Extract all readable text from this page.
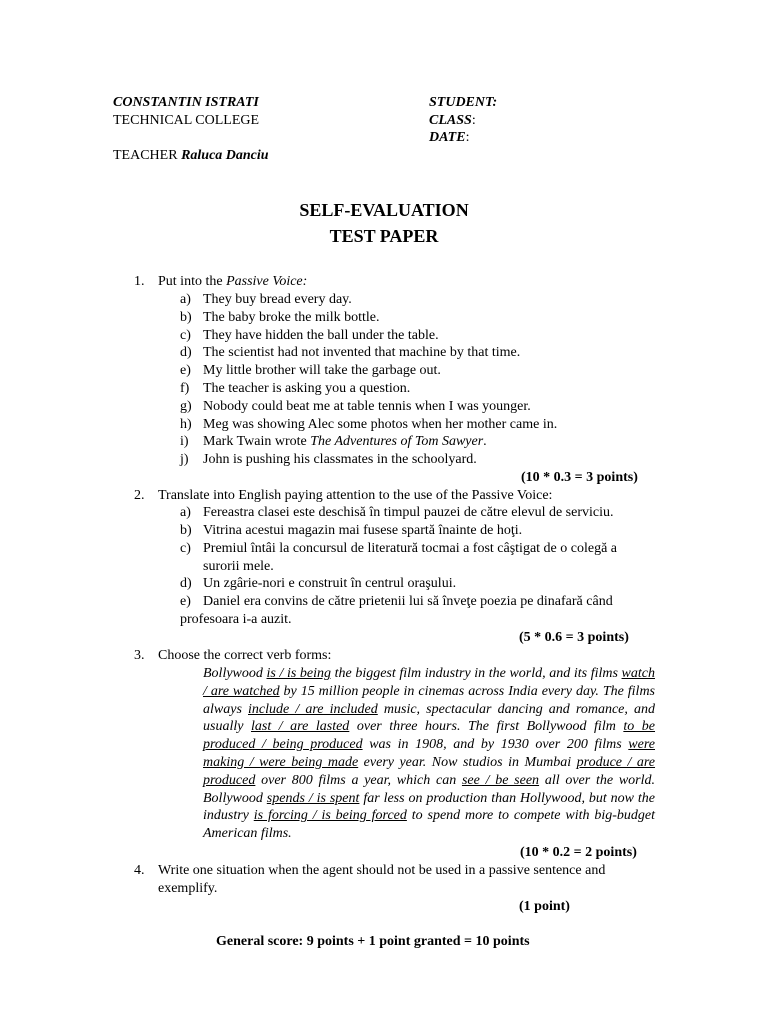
CONSTANTIN ISTRATI
TECHNICAL COLLEGE
TEACHER Raluca Danciu
STUDENT:
CLASS:
DATE:
SELF-EVALUATION
TEST PAPER
1. Put into the Passive Voice:
a) They buy bread every day.
b) The baby broke the milk bottle.
c) They have hidden the ball under the table.
d) The scientist had not invented that machine by that time.
e) My little brother will take the garbage out.
f) The teacher is asking you a question.
g) Nobody could beat me at table tennis when I was younger.
h) Meg was showing Alec some photos when her mother came in.
i) Mark Twain wrote The Adventures of Tom Sawyer.
j) John is pushing his classmates in the schoolyard.
(10 * 0.3 = 3 points)
2. Translate into English paying attention to the use of the Passive Voice:
a) Fereastra clasei este deschisă în timpul pauzei de către elevul de serviciu.
b) Vitrina acestui magazin mai fusese spartă înainte de hoţi.
c) Premiul întâi la concursul de literatură tocmai a fost câştigat de o colegă a
surorii mele.
d) Un zgârie-nori e construit în centrul oraşului.
e) Daniel era convins de către prietenii lui să înveţe poezia pe dinafară când
profesoara i-a auzit.
(5 * 0.6 = 3 points)
3. Choose the correct verb forms:
Bollywood is / is being the biggest film industry in the world, and its films watch / are watched by 15 million people in cinemas across India every day. The films always include / are included music, spectacular dancing and romance, and usually last / are lasted over three hours. The first Bollywood film to be produced / being produced was in 1908, and by 1930 over 200 films were making / were being made every year. Now studios in Mumbai produce / are produced over 800 films a year, which can see / be seen all over the world. Bollywood spends / is spent far less on production than Hollywood, but now the industry is forcing / is being forced to spend more to compete with big-budget American films.
(10 * 0.2 = 2 points)
4. Write one situation when the agent should not be used in a passive sentence and
exemplify.
(1 point)
General score: 9 points + 1 point granted = 10 points
